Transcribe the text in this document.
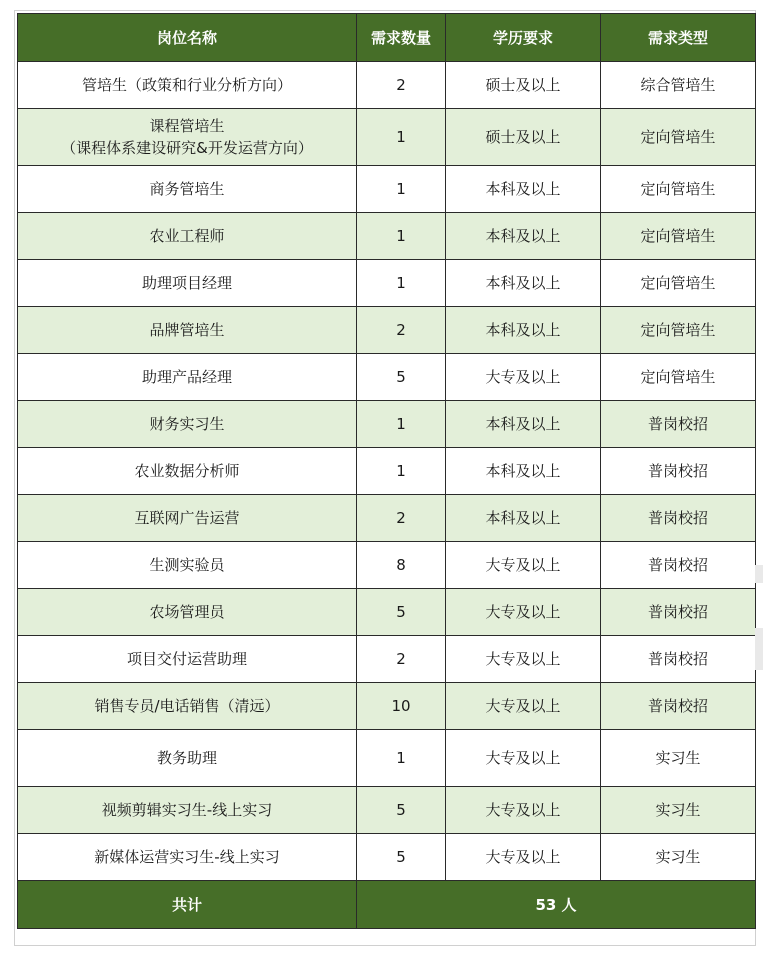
岗位名称	需求数量	学历要求	需求类型
管培生（政策和行业分析方向）	2	硕士及以上	综合管培生

课程管培生
（课程体系建设研究&开发运营方向）	1	硕士及以上	定向管培生
商务管培生	1	本科及以上	定向管培生
农业工程师	1	本科及以上	定向管培生
助理项目经理	1	本科及以上	定向管培生
品牌管培生	2	本科及以上	定向管培生
助理产品经理	5	大专及以上	定向管培生
财务实习生	1	本科及以上	普岗校招
农业数据分析师	1	本科及以上	普岗校招
互联网广告运营	2	本科及以上	普岗校招
生测实验员	8	大专及以上	普岗校招
农场管理员	5	大专及以上	普岗校招
项目交付运营助理	2	大专及以上	普岗校招
销售专员/电话销售（清远）	10	大专及以上	普岗校招
教务助理	1	大专及以上	实习生
视频剪辑实习生-线上实习	5	大专及以上	实习生
新媒体运营实习生-线上实习	5	大专及以上	实习生
共计	53 人		
